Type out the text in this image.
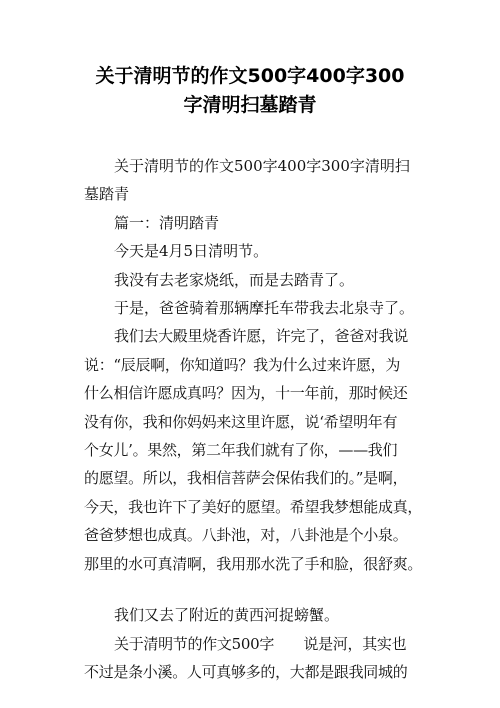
关于清明节的作文500字400字300
字清明扫墓踏青

关于清明节的作文500字400字300字清明扫
墓踏青

篇一：清明踏青

今天是4月5日清明节。

我没有去老家烧纸，而是去踏青了。

于是，爸爸骑着那辆摩托车带我去北泉寺了。

我们去大殿里烧香许愿，许完了，爸爸对我说
说：“辰辰啊，你知道吗？我为什么过来许愿，为
什么相信许愿成真吗？因为，十一年前，那时候还
没有你，我和你妈妈来这里许愿，说‘希望明年有
个女儿’。果然，第二年我们就有了你，——我们
的愿望。所以，我相信菩萨会保佑我们的。”是啊，
今天，我也许下了美好的愿望。希望我梦想能成真，
爸爸梦想也成真。八卦池，对，八卦池是个小泉。
那里的水可真清啊，我用那水洗了手和脸，很舒爽。

我们又去了附近的黄西河捉螃蟹。

关于清明节的作文500字　　说是河，其实也
不过是条小溪。人可真够多的，大都是跟我同城的
